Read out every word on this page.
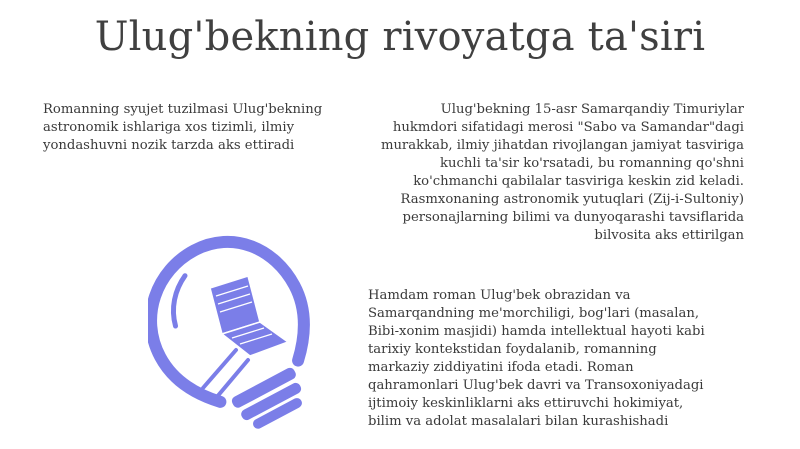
Ulug'bekning rivoyatga ta'siri

Romanning syujet tuzilmasi Ulug'bekning astronomik ishlariga xos tizimli, ilmiy yondashuvni nozik tarzda aks ettiradi

Ulug'bekning 15-asr Samarqandiy Timuriylar hukmdori sifatidagi merosi "Sabo va Samandar"dagi murakkab, ilmiy jihatdan rivojlangan jamiyat tasviriga kuchli ta'sir ko'rsatadi, bu romanning qo'shni ko'chmanchi qabilalar tasviriga keskin zid keladi. Rasmxonaning astronomik yutuqlari (Zij-i-Sultoniy) personajlarning bilimi va dunyoqarashi tavsiflarida bilvosita aks ettirilgan

Hamdam roman Ulug'bek obrazidan va Samarqandning me'morchiligi, bog'lari (masalan, Bibi-xonim masjidi) hamda intellektual hayoti kabi tarixiy kontekstidan foydalanib, romanning markaziy ziddiyatini ifoda etadi. Roman qahramonlari Ulug'bek davri va Transoxoniyadagi ijtimoiy keskinliklarni aks ettiruvchi hokimiyat, bilim va adolat masalalari bilan kurashishadi
